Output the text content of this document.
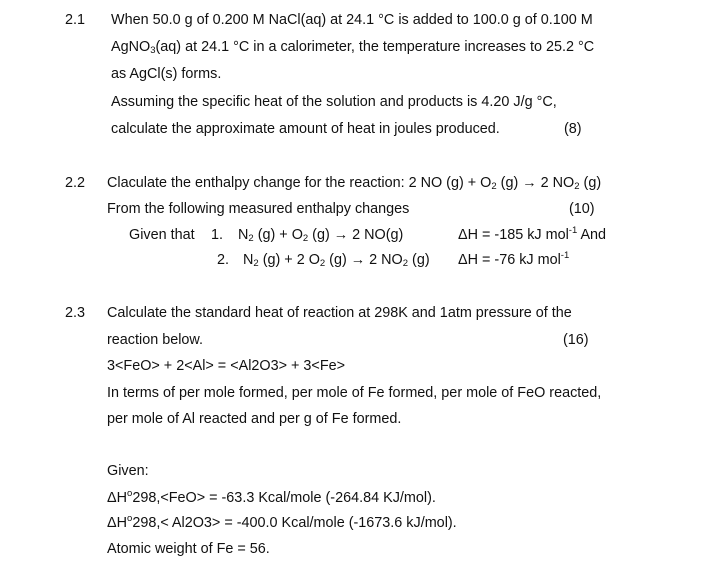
2.1 When 50.0 g of 0.200 M NaCl(aq) at 24.1 °C is added to 100.0 g of 0.100 M
AgNO$_3$(aq) at 24.1 °C in a calorimeter, the temperature increases to 25.2 °C
as AgCl(s) forms.
Assuming the specific heat of the solution and products is 4.20 J/g °C,
calculate the approximate amount of heat in joules produced.	(8)
2.2 Claculate the enthalpy change for the reaction: 2 NO $(g) + O_2$ (g) → 2 $NO_2$ (g)
From the following measured enthalpy changes	(10)
Given that 1. $N_2$ $(g) + O_2$ (g) → 2 NO(g)	ΔH = -185 kJ mol$^{-1}$ And
2. $N_2$ (g) + 2 $O_2$ (g) → 2 $NO_2$ (g) ΔH = -76 kJ mol$^{-1}$
2.3 Calculate the standard heat of reaction at 298K and 1atm pressure of the
reaction below.	(16)
3<FeO> + 2<Al> = <Al2O3> + 3<Fe>
In terms of per mole formed, per mole of Fe formed, per mole of FeO reacted,
per mole of Al reacted and per g of Fe formed.
Given:
$\Delta H^o298,<FeO> = -63.3$ Kcal/mole (-264.84 KJ/mol).
$\Delta H^o298,< Al2O3> = -400.0$ Kcal/mole (-1673.6 kJ/mol).
Atomic weight of Fe = 56.
